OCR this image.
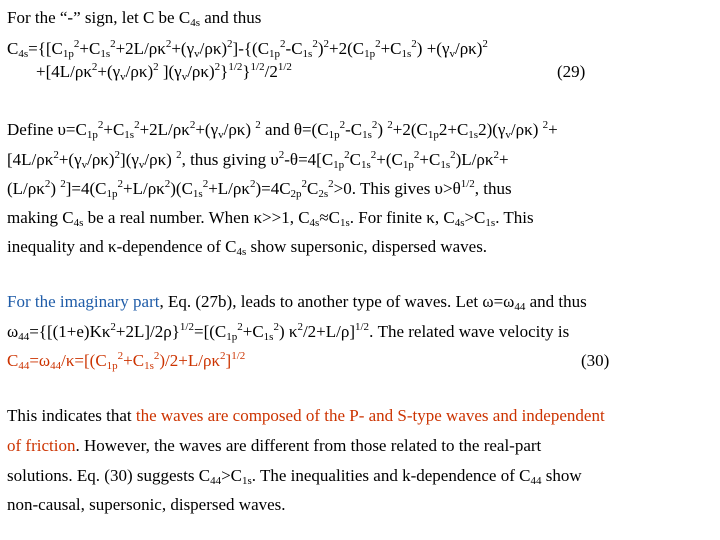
For the “-” sign, let C be $C_{4s}$ and thus
$C_{4s}=\{[C_{1p}^2+C_{1s}^2+2L/\rho\kappa^2+(\gamma_v/\rho\kappa)^2]-\{(C_{1p}^2-C_{1s}^2)^2+2(C_{1p}^2+C_{1s}^2) +(\gamma_v/\rho\kappa)^2$
$+[4L/\rho\kappa^2+(\gamma_v/\rho\kappa)^2$ ]$(\gamma_v/\rho\kappa)^2\}^{1/2}\}^{1/2}/2^{1/2}$	(29)
Define $\upsilon=C_{1p}^2+C_{1s}^2+2L/\rho\kappa^2+(\gamma_v/\rho\kappa)$ $^2$ and $\theta=(C_{1p}^2-C_{1s}^2)$ $^2+2(C_{1p}2+C_{1s}2)(\gamma_v/\rho\kappa)$ $^2$+
$[4L/\rho\kappa^2+(\gamma_v/\rho\kappa)^2](\gamma_v/\rho\kappa)$ $^2$, thus giving $\upsilon^2-\theta=4[C_{1p}^2C_{1s}^2+(C_{1p}^2+C_{1s}^2)L/\rho\kappa^2+$
$(L/\rho\kappa^2)$ $^2]=4(C_{1p}^2+L/\rho\kappa^2)(C_{1s}^2+L/\rho\kappa^2)=4C_{2p}^2C_{2s}^2>0$. This gives $\upsilon>\theta^{1/2}$, thus
making $C_{4s}$ be a real number. When κ>>1, $C_{4s}\approx C_{1s}$. For finite κ, $C_{4s}>C_{1s}$. This
inequality and κ-dependence of $C_{4s}$ show supersonic, dispersed waves.
For the imaginary part, Eq. (27b), leads to another type of waves. Let $\omega=\omega_{44}$ and thus
$\omega_{44}=\{[(1+e)K\kappa^2+2L]/2\rho\}^{1/2}=[(C_{1p}^2+C_{1s}^2)$ $\kappa^2/2+L/\rho]^{1/2}$. The related wave velocity is
$C_{44}=\omega_{44}/\kappa=[(C_{1p}^2+C_{1s}^2)/2+L/\rho\kappa^2]^{1/2}$	(30)
This indicates that the waves are composed of the P- and S-type waves and independent
of friction. However, the waves are different from those related to the real-part
solutions. Eq. (30) suggests $C_{44}>C_{1s}$. The inequalities and k-dependence of $C_{44}$ show
non-causal, supersonic, dispersed waves.
